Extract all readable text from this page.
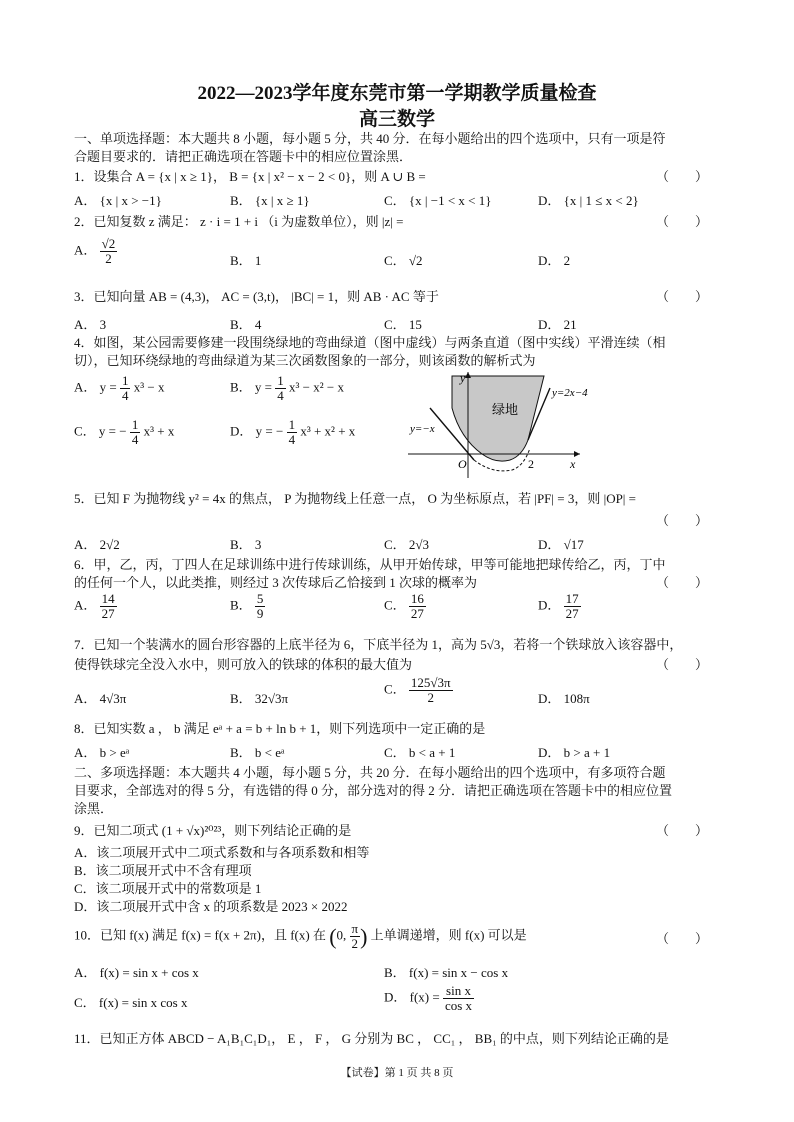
2022—2023学年度东莞市第一学期教学质量检查
高三数学
一、单项选择题：本大题共 8 小题，每小题 5 分，共 40 分．在每小题给出的四个选项中，只有一项是符
合题目要求的．请把正确选项在答题卡中的相应位置涂黑．
1．设集合 A = {x | x ≥ 1}， B = {x | x² − x − 2 < 0}，则 A ∪ B =	（　　）
A． {x | x > −1}	B． {x | x ≥ 1}	C． {x | −1 < x < 1}	D． {x | 1 ≤ x < 2}
2．已知复数 z 满足： z · i = 1 + i （i 为虚数单位），则 |z| =	（　　）
A． $\frac{√2}{2}$	B． 1	C． √2	D． 2
3．已知向量 AB = (4,3)， AC = (3,t)， |BC| = 1，则 AB · AC 等于	（　　）
A． 3	B． 4	C． 15	D． 21
4．如图，某公园需要修建一段围绕绿地的弯曲绿道（图中虚线）与两条直道（图中实线）平滑连续（相
切），已知环绕绿地的弯曲绿道为某三次函数图象的一部分，则该函数的解析式为
A． $y = \frac{1}{4} x^3 - x$	B． $y = \frac{1}{4} x^3 - x^2 - x$
C． y = − $\frac{1}{4} x^3 + x$	D． y = − $\frac{1}{4} x^3 + x^2 + x$
y
x
O	2
绿地
y=−x
y=2x−4
5．已知 F 为抛物线 y² = 4x 的焦点， P 为抛物线上任意一点， O 为坐标原点，若 |PF| = 3，则 |OP| =
（　　）
A． 2√2	B． 3	C． 2√3	D． √17
6．甲，乙，丙，丁四人在足球训练中进行传球训练，从甲开始传球，甲等可能地把球传给乙，丙，丁中
的任何一个人，以此类推，则经过 3 次传球后乙恰接到 1 次球的概率为	（　　）
A． $\frac{14}{27}$	B． $\frac{5}{9}$	C． $\frac{16}{27}$	D． $\frac{17}{27}$
7．已知一个装满水的圆台形容器的上底半径为 6，下底半径为 1，高为 5√3，若将一个铁球放入该容器中，
使得铁球完全没入水中，则可放入的铁球的体积的最大值为	（　　）
A． 4√3π	B． 32√3π
C． $\frac{125√3\pi}{2}$	D． 108π
8．已知实数 a ， b 满足 eᵃ + a = b + ln b + 1，则下列选项中一定正确的是
A． b > eᵃ	B． b < eᵃ	C． b < a + 1	D． b > a + 1
二、多项选择题：本大题共 4 小题，每小题 5 分，共 20 分．在每小题给出的四个选项中，有多项符合题
目要求，全部选对的得 5 分，有选错的得 0 分，部分选对的得 2 分．请把正确选项在答题卡中的相应位置
涂黑．
9．已知二项式 (1 + √x)²⁰²³，则下列结论正确的是	（　　）
A．该二项展开式中二项式系数和与各项系数和相等
B．该二项展开式中不含有理项
C．该二项展开式中的常数项是 1
D．该二项展开式中含 x 的项系数是 2023 × 2022
10．已知 f(x) 满足 f(x) = f(x + 2π)，且 f(x) 在 (0, $\frac{\pi}{2}$ ) 上单调递增，则 f(x) 可以是	（　　）
A． f(x) = sin x + cos x	B． f(x) = sin x − cos x
C． f(x) = sin x cos x	D． $f(x) = \frac{\text{sin x}}{\text{cos x}}$
11．已知正方体 ABCD − A₁B₁C₁D₁， E ， F ， G 分别为 BC ， CC₁ ， BB₁ 的中点，则下列结论正确的是
【试卷】第 1 页 共 8 页
